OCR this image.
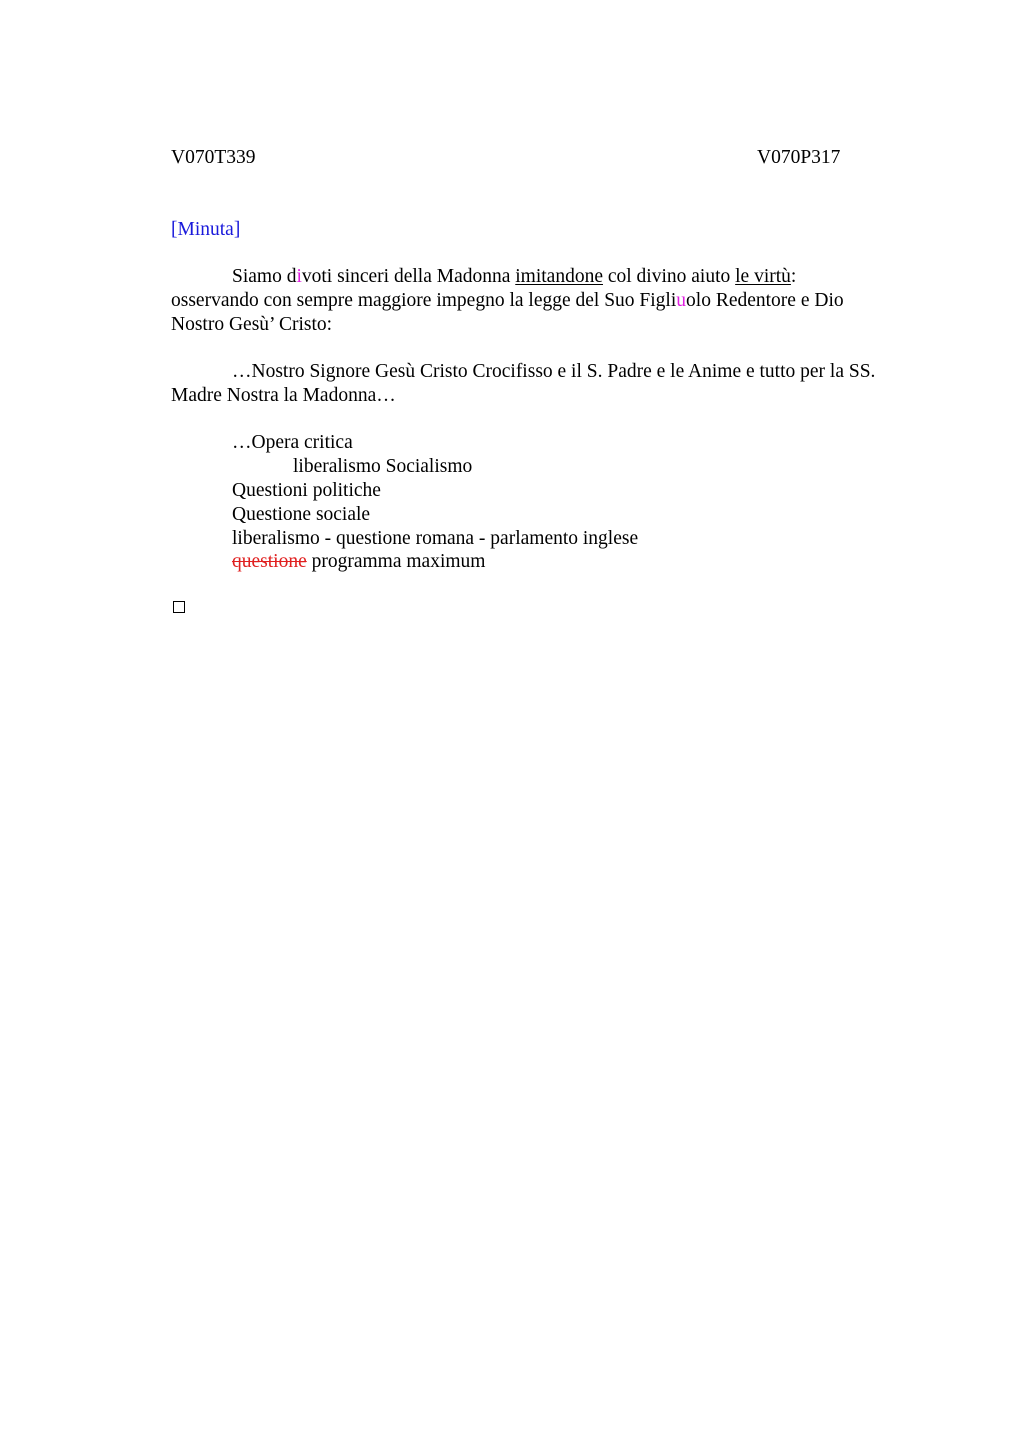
V070T339	V070P317
[Minuta]
Siamo divoti sinceri della Madonna imitandone col divino aiuto le virtù:
osservando con sempre maggiore impegno la legge del Suo Figliuolo Redentore e Dio
Nostro Gesù’ Cristo:
…Nostro Signore Gesù Cristo Crocifisso e il S. Padre e le Anime e tutto per la SS.
Madre Nostra la Madonna…
…Opera critica
liberalismo Socialismo
Questioni politiche
Questione sociale
liberalismo - questione romana - parlamento inglese
questione programma maximum
